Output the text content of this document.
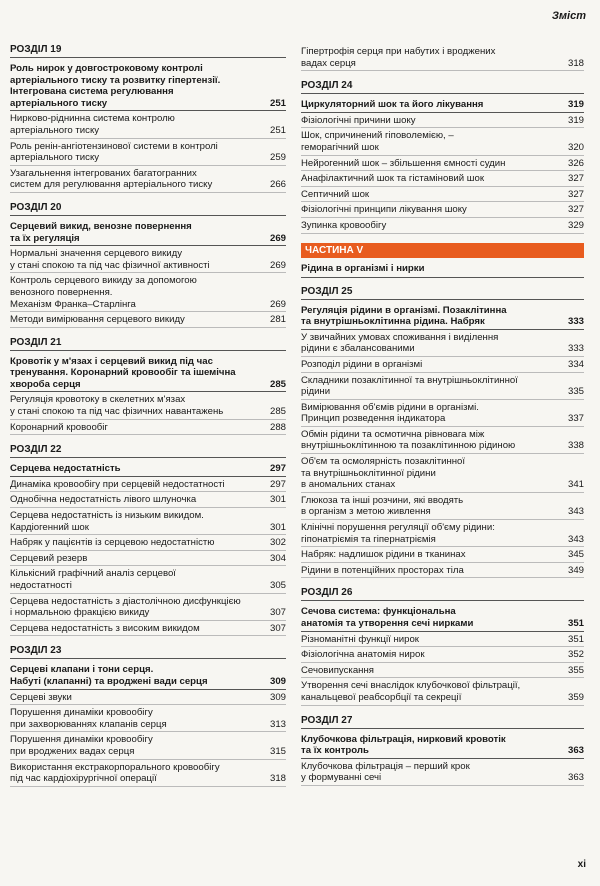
Зміст
РОЗДІЛ 19
Роль нирок у довгостроковому контролі
артеріального тиску та розвитку гіпертензії.
Інтегрована система регулювання
артеріального тиску	251
Нирково-ріднинна система контролю
артеріального тиску	251
Роль ренін-ангіотензинової системи в контролі
артеріального тиску	259
Узагальнення інтегрованих багатогранних
систем для регулювання артеріального тиску	266
РОЗДІЛ 20
Серцевий викид, венозне повернення
та їх регуляція	269
Нормальні значення серцевого викиду
у стані спокою та під час фізичної активності	269
Контроль серцевого викиду за допомогою
венозного повернення.
Механізм Франка–Старлінга	269
Методи вимірювання серцевого викиду	281
РОЗДІЛ 21
Кровотік у м'язах і серцевий викид під час
тренування. Коронарний кровообіг та ішемічна
хвороба серця	285
Регуляція кровотоку в скелетних м'язах
у стані спокою та під час фізичних навантажень	285
Коронарний кровообіг	288
РОЗДІЛ 22
Серцева недостатність	297
Динаміка кровообігу при серцевій недостатності	297
Однобічна недостатність лівого шлуночка	301
Серцева недостатність із низьким викидом.
Кардіогенний шок	301
Набряк у пацієнтів із серцевою недостатністю	302
Серцевий резерв	304
Кількісний графічний аналіз серцевої
недостатності	305
Серцева недостатність з діастолічною дисфункцією
і нормальною фракцією викиду	307
Серцева недостатність з високим викидом	307
РОЗДІЛ 23
Серцеві клапани і тони серця.
Набуті (клапанні) та вроджені вади серця	309
Серцеві звуки	309
Порушення динаміки кровообігу
при захворюваннях клапанів серця	313
Порушення динаміки кровообігу
при вроджених вадах серця	315
Використання екстракорпорального кровообігу
під час кардіохірургічної операції	318
Гіпертрофія серця при набутих і вроджених
вадах серця	318
РОЗДІЛ 24
Циркуляторний шок та його лікування	319
Фізіологічні причини шоку	319
Шок, спричинений гіповолемією, –
геморагічний шок	320
Нейрогенний шок – збільшення ємності судин	326
Анафілактичний шок та гістаміновий шок	327
Септичний шок	327
Фізіологічні принципи лікування шоку	327
Зупинка кровообігу	329
ЧАСТИНА V
Рідина в організмі і нирки
РОЗДІЛ 25
Регуляція рідини в організмі. Позаклітинна
та внутрішньоклітинна рідина. Набряк	333
У звичайних умовах споживання і виділення
рідини є збалансованими	333
Розподіл рідини в організмі	334
Складники позаклітинної та внутрішньоклітинної
рідини	335
Вимірювання об'ємів рідини в організмі.
Принцип розведення індикатора	337
Обмін рідини та осмотична рівновага між
внутрішньоклітинною та позаклітинною рідиною	338
Об'єм та осмолярність позаклітинної
та внутрішньоклітинної рідини
в аномальних станах	341
Глюкоза та інші розчини, які вводять
в організм з метою живлення	343
Клінічні порушення регуляції об'єму рідини:
гіпонатріємія та гіпернатріємія	343
Набряк: надлишок рідини в тканинах	345
Рідини в потенційних просторах тіла	349
РОЗДІЛ 26
Сечова система: функціональна
анатомія та утворення сечі нирками	351
Різноманітні функції нирок	351
Фізіологічна анатомія нирок	352
Сечовипускання	355
Утворення сечі внаслідок клубочкової фільтрації,
канальцевої реабсорбції та секреції	359
РОЗДІЛ 27
Клубочкова фільтрація, нирковий кровотік
та їх контроль	363
Клубочкова фільтрація – перший крок
у формуванні сечі	363
xi
